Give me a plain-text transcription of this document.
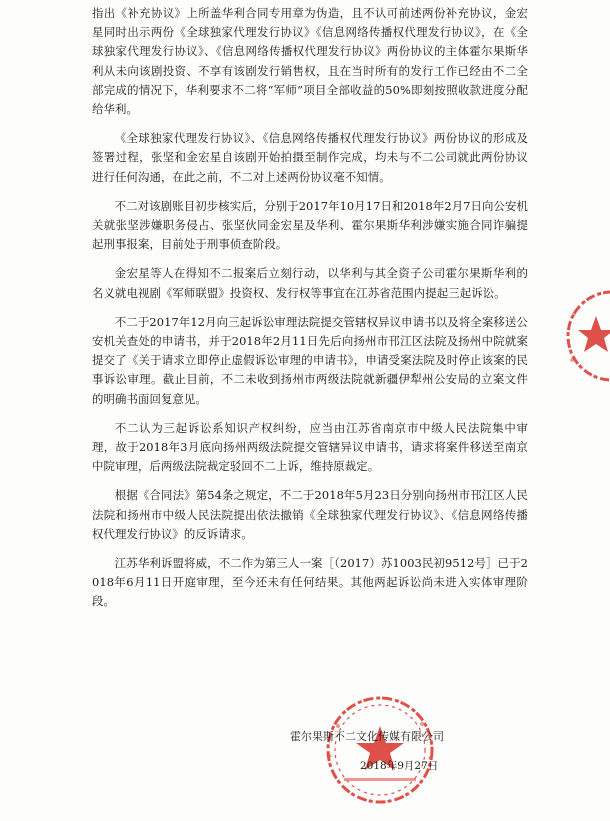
指出《补充协议》上所盖华利合同专用章为伪造，且不认可前述两份补充协议，金宏星同时出示两份《全球独家代理发行协议》《信息网络传播权代理发行协议》，在《全球独家代理发行协议》、《信息网络传播权代理发行协议》两份协议的主体霍尔果斯华利从未向该剧投资、不享有该剧发行销售权，且在当时所有的发行工作已经由不二全部完成的情况下，华利要求不二将“军师”项目全部收益的50%即刻按照收款进度分配给华利。

《全球独家代理发行协议》、《信息网络传播权代理发行协议》两份协议的形成及签署过程，张坚和金宏星自该剧开始拍摄至制作完成，均未与不二公司就此两份协议进行任何沟通，在此之前，不二对上述两份协议毫不知情。

不二对该剧账目初步核实后，分别于2017年10月17日和2018年2月7日向公安机关就张坚涉嫌职务侵占、张坚伙同金宏星及华利、霍尔果斯华利涉嫌实施合同诈骗提起刑事报案，目前处于刑事侦查阶段。

金宏星等人在得知不二报案后立刻行动，以华利与其全资子公司霍尔果斯华利的名义就电视剧《军师联盟》投资权、发行权等事宜在江苏省范围内提起三起诉讼。

不二于2017年12月向三起诉讼审理法院提交管辖权异议申请书以及将全案移送公安机关查处的申请书，并于2018年2月11日先后向扬州市邗江区法院及扬州中院就案提交了《关于请求立即停止虚假诉讼审理的申请书》，申请受案法院及时停止该案的民事诉讼审理。截止目前，不二未收到扬州市两级法院就新疆伊犁州公安局的立案文件的明确书面回复意见。

不二认为三起诉讼系知识产权纠纷，应当由江苏省南京市中级人民法院集中审理，故于2018年3月底向扬州两级法院提交管辖异议申请书，请求将案件移送至南京中院审理，后两级法院裁定驳回不二上诉，维持原裁定。

根据《合同法》第54条之规定，不二于2018年5月23日分别向扬州市邗江区人民法院和扬州市中级人民法院提出依法撤销《全球独家代理发行协议》、《信息网络传播权代理发行协议》的反诉请求。

江苏华利诉盟将威，不二作为第三人一案［（2017）苏1003民初9512号］已于2018年6月11日开庭审理，至今还未有任何结果。其他两起诉讼尚未进入实体审理阶段。

霍尔果斯不二文化传媒有限公司
2018年9月27日
